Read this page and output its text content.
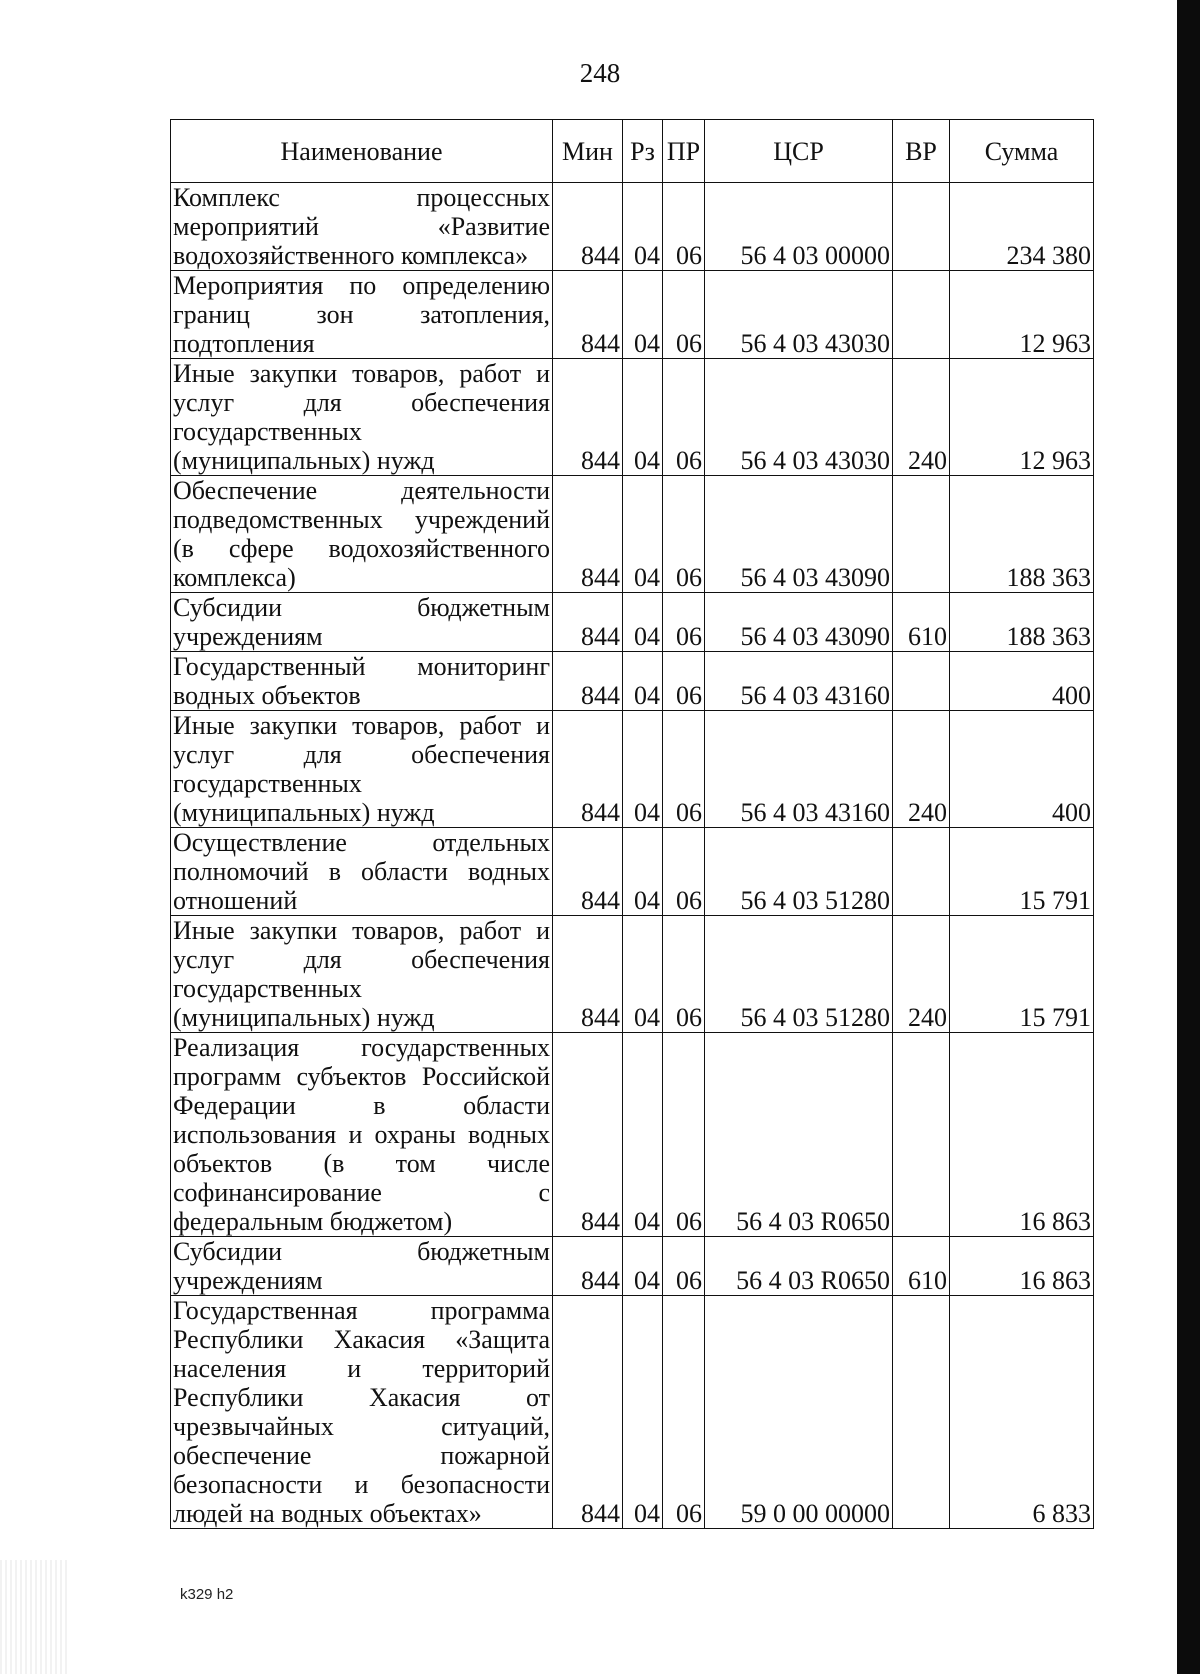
248
Наименование	Мин	Рз	ПР	ЦСР	ВР	Сумма
Комплекс процессных мероприятий «Развитие водохозяйственного комплекса»	844	04	06	56 4 03 00000		234 380
Мероприятия по определению границ зон затопления, подтопления	844	04	06	56 4 03 43030		12 963
Иные закупки товаров, работ и услуг для обеспечения государственных (муниципальных) нужд	844	04	06	56 4 03 43030	240	12 963
Обеспечение деятельности подведомственных учреждений (в сфере водохозяйственного комплекса)	844	04	06	56 4 03 43090		188 363
Субсидии бюджетным учреждениям	844	04	06	56 4 03 43090	610	188 363
Государственный мониторинг водных объектов	844	04	06	56 4 03 43160		400
Иные закупки товаров, работ и услуг для обеспечения государственных (муниципальных) нужд	844	04	06	56 4 03 43160	240	400
Осуществление отдельных полномочий в области водных отношений	844	04	06	56 4 03 51280		15 791
Иные закупки товаров, работ и услуг для обеспечения государственных (муниципальных) нужд	844	04	06	56 4 03 51280	240	15 791
Реализация государственных программ субъектов Российской Федерации в области использования и охраны водных объектов (в том числе софинансирование с федеральным бюджетом)	844	04	06	56 4 03 R0650		16 863
Субсидии бюджетным учреждениям	844	04	06	56 4 03 R0650	610	16 863
Государственная программа Республики Хакасия «Защита населения и территорий Республики Хакасия от чрезвычайных ситуаций, обеспечение пожарной безопасности и безопасности людей на водных объектах»	844	04	06	59 0 00 00000		6 833
k329 h2
